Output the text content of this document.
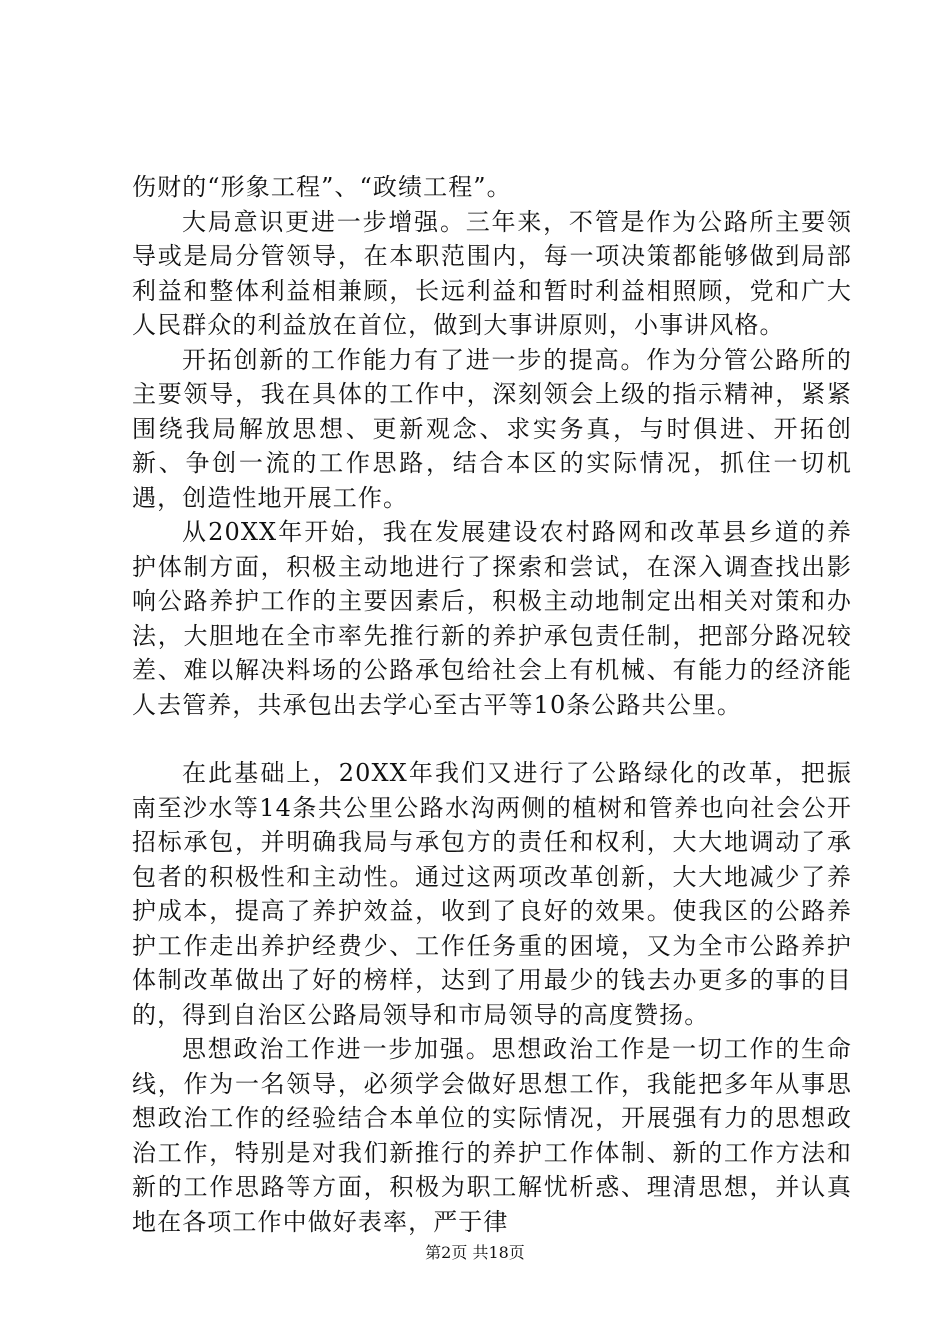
伤财的“形象工程”、“政绩工程”。

大局意识更进一步增强。三年来，不管是作为公路所主要领导或是局分管领导，在本职范围内，每一项决策都能够做到局部利益和整体利益相兼顾，长远利益和暂时利益相照顾，党和广大人民群众的利益放在首位，做到大事讲原则，小事讲风格。

开拓创新的工作能力有了进一步的提高。作为分管公路所的主要领导，我在具体的工作中，深刻领会上级的指示精神，紧紧围绕我局解放思想、更新观念、求实务真，与时俱进、开拓创新、争创一流的工作思路，结合本区的实际情况，抓住一切机遇，创造性地开展工作。

从20XX年开始，我在发展建设农村路网和改革县乡道的养护体制方面，积极主动地进行了探索和尝试，在深入调查找出影响公路养护工作的主要因素后，积极主动地制定出相关对策和办法，大胆地在全市率先推行新的养护承包责任制，把部分路况较差、难以解决料场的公路承包给社会上有机械、有能力的经济能人去管养，共承包出去学心至古平等10条公路共公里。

在此基础上，20XX年我们又进行了公路绿化的改革，把振南至沙水等14条共公里公路水沟两侧的植树和管养也向社会公开招标承包，并明确我局与承包方的责任和权利，大大地调动了承包者的积极性和主动性。通过这两项改革创新，大大地减少了养护成本，提高了养护效益，收到了良好的效果。使我区的公路养护工作走出养护经费少、工作任务重的困境，又为全市公路养护体制改革做出了好的榜样，达到了用最少的钱去办更多的事的目的，得到自治区公路局领导和市局领导的高度赞扬。

思想政治工作进一步加强。思想政治工作是一切工作的生命线，作为一名领导，必须学会做好思想工作，我能把多年从事思想政治工作的经验结合本单位的实际情况，开展强有力的思想政治工作，特别是对我们新推行的养护工作体制、新的工作方法和新的工作思路等方面，积极为职工解忧析惑、理清思想，并认真地在各项工作中做好表率，严于律

第2页 共18页
